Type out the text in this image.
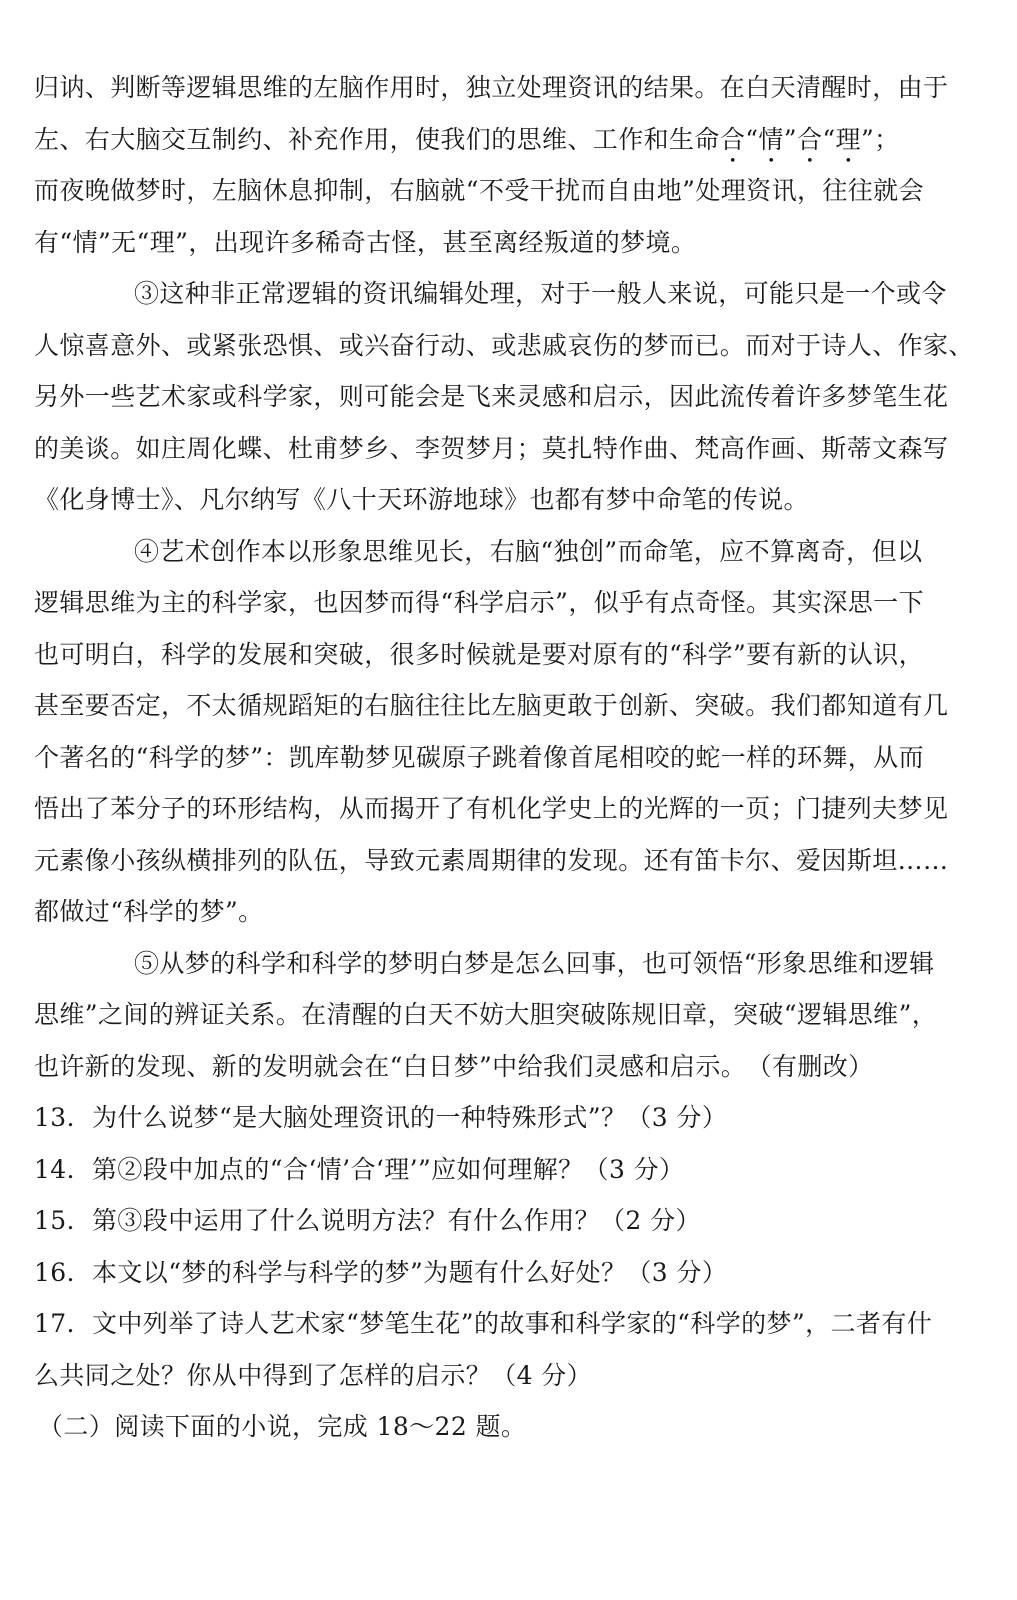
归讷、判断等逻辑思维的左脑作用时，独立处理资讯的结果。在白天清醒时，由于
左、右大脑交互制约、补充作用，使我们的思维、工作和生命合“情”合“理”；
而夜晚做梦时，左脑休息抑制，右脑就“不受干扰而自由地”处理资讯，往往就会
有“情”无“理”，出现许多稀奇古怪，甚至离经叛道的梦境。
③这种非正常逻辑的资讯编辑处理，对于一般人来说，可能只是一个或令
人惊喜意外、或紧张恐惧、或兴奋行动、或悲戚哀伤的梦而已。而对于诗人、作家、
另外一些艺术家或科学家，则可能会是飞来灵感和启示，因此流传着许多梦笔生花
的美谈。如庄周化蝶、杜甫梦乡、李贺梦月；莫扎特作曲、梵高作画、斯蒂文森写
《化身博士》、凡尔纳写《八十天环游地球》也都有梦中命笔的传说。
④艺术创作本以形象思维见长，右脑“独创”而命笔，应不算离奇，但以
逻辑思维为主的科学家，也因梦而得“科学启示”，似乎有点奇怪。其实深思一下
也可明白，科学的发展和突破，很多时候就是要对原有的“科学”要有新的认识，
甚至要否定，不太循规蹈矩的右脑往往比左脑更敢于创新、突破。我们都知道有几
个著名的“科学的梦”：凯库勒梦见碳原子跳着像首尾相咬的蛇一样的环舞，从而
悟出了苯分子的环形结构，从而揭开了有机化学史上的光辉的一页；门捷列夫梦见
元素像小孩纵横排列的队伍，导致元素周期律的发现。还有笛卡尔、爱因斯坦……
都做过“科学的梦”。
⑤从梦的科学和科学的梦明白梦是怎么回事，也可领悟“形象思维和逻辑
思维”之间的辨证关系。在清醒的白天不妨大胆突破陈规旧章，突破“逻辑思维”，
也许新的发现、新的发明就会在“白日梦”中给我们灵感和启示。　（有删改）
13．为什么说梦“是大脑处理资讯的一种特殊形式”？（3 分）
14．第②段中加点的“合‘情’合‘理’”应如何理解？（3 分）
15．第③段中运用了什么说明方法？有什么作用？（2 分）
16．本文以“梦的科学与科学的梦”为题有什么好处？（3 分）
17．文中列举了诗人艺术家“梦笔生花”的故事和科学家的“科学的梦”，二者有什
么共同之处？你从中得到了怎样的启示？（4 分）
（二）阅读下面的小说，完成 18～22 题。
